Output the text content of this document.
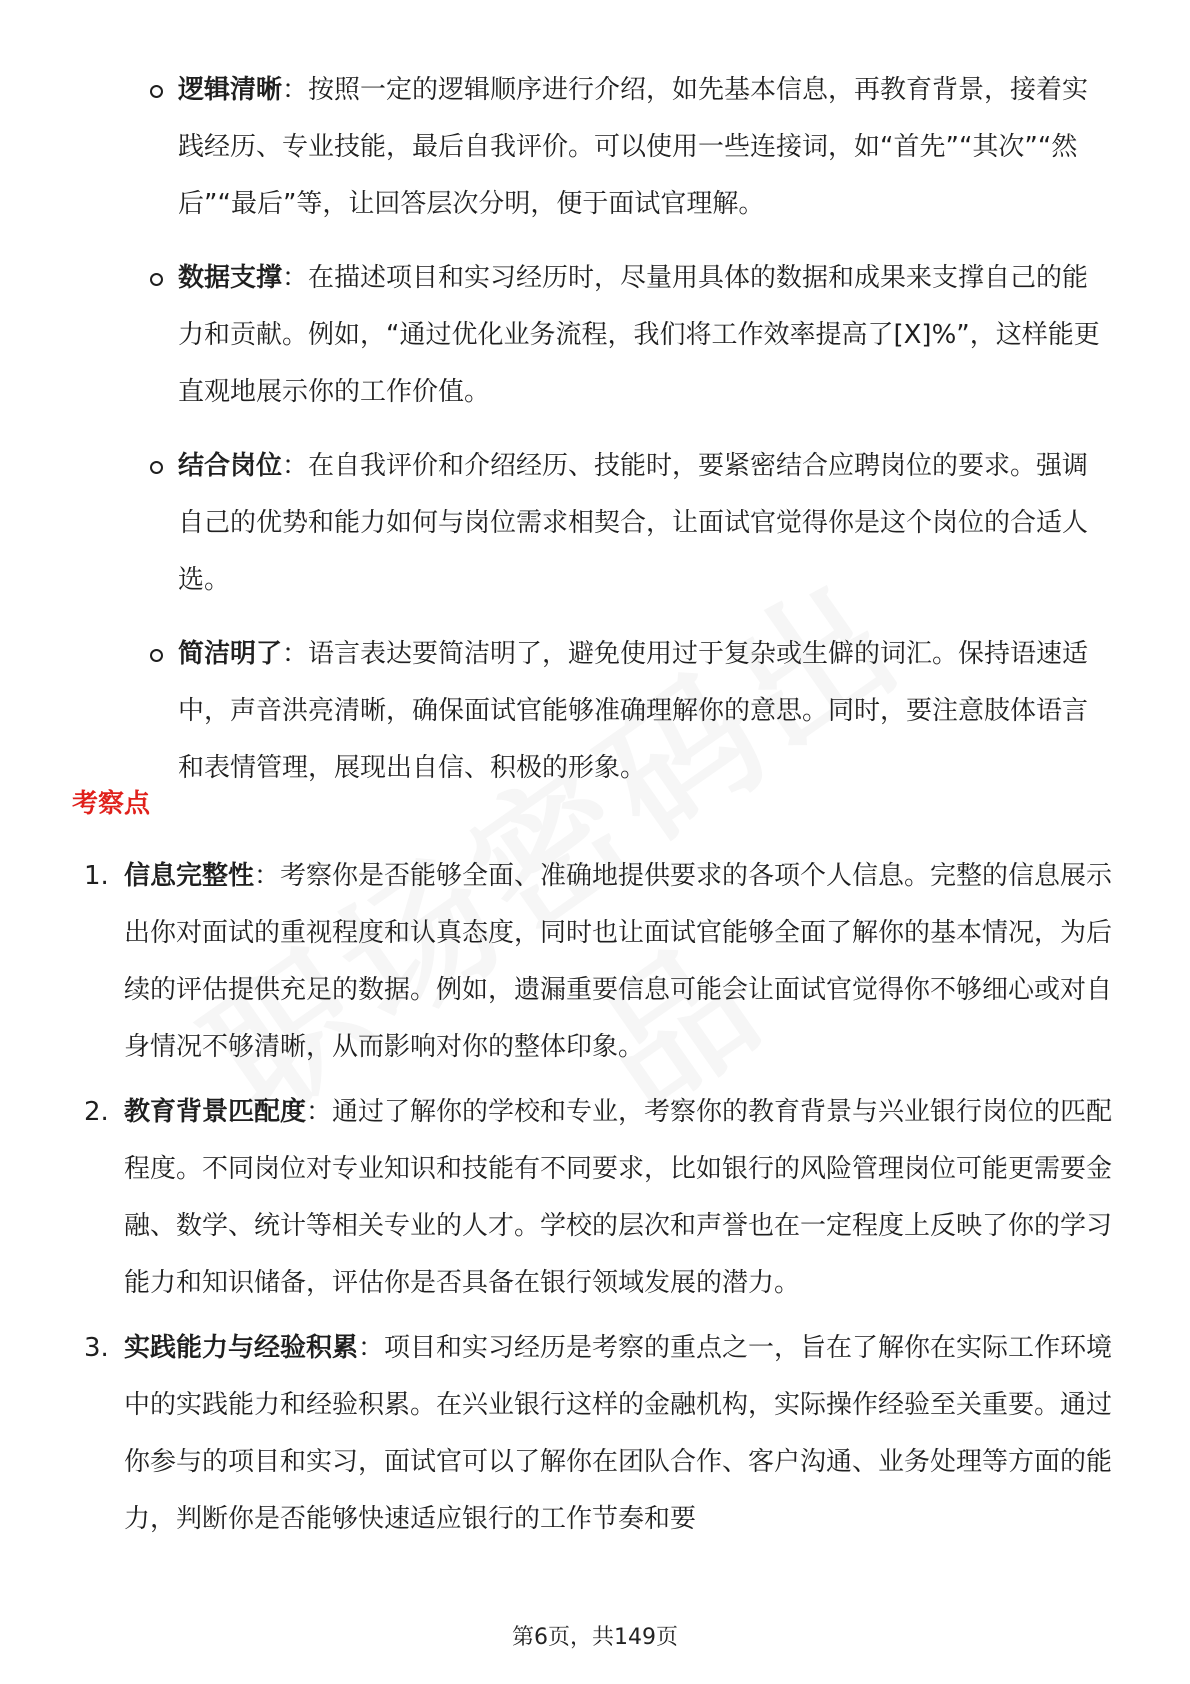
逻辑清晰：按照一定的逻辑顺序进行介绍，如先基本信息，再教育背景，接着实践经历、专业技能，最后自我评价。可以使用一些连接词，如“首先”“其次”“然后”“最后”等，让回答层次分明，便于面试官理解。
数据支撑：在描述项目和实习经历时，尽量用具体的数据和成果来支撑自己的能力和贡献。例如，“通过优化业务流程，我们将工作效率提高了[X]%”，这样能更直观地展示你的工作价值。
结合岗位：在自我评价和介绍经历、技能时，要紧密结合应聘岗位的要求。强调自己的优势和能力如何与岗位需求相契合，让面试官觉得你是这个岗位的合适人选。
简洁明了：语言表达要简洁明了，避免使用过于复杂或生僻的词汇。保持语速适中，声音洪亮清晰，确保面试官能够准确理解你的意思。同时，要注意肢体语言和表情管理，展现出自信、积极的形象。
考察点
1. 信息完整性：考察你是否能够全面、准确地提供要求的各项个人信息。完整的信息展示出你对面试的重视程度和认真态度，同时也让面试官能够全面了解你的基本情况，为后续的评估提供充足的数据。例如，遗漏重要信息可能会让面试官觉得你不够细心或对自身情况不够清晰，从而影响对你的整体印象。
2. 教育背景匹配度：通过了解你的学校和专业，考察你的教育背景与兴业银行岗位的匹配程度。不同岗位对专业知识和技能有不同要求，比如银行的风险管理岗位可能更需要金融、数学、统计等相关专业的人才。学校的层次和声誉也在一定程度上反映了你的学习能力和知识储备，评估你是否具备在银行领域发展的潜力。
3. 实践能力与经验积累：项目和实习经历是考察的重点之一，旨在了解你在实际工作环境中的实践能力和经验积累。在兴业银行这样的金融机构，实际操作经验至关重要。通过你参与的项目和实习，面试官可以了解你在团队合作、客户沟通、业务处理等方面的能力，判断你是否能够快速适应银行的工作节奏和要
第6页，共149页
